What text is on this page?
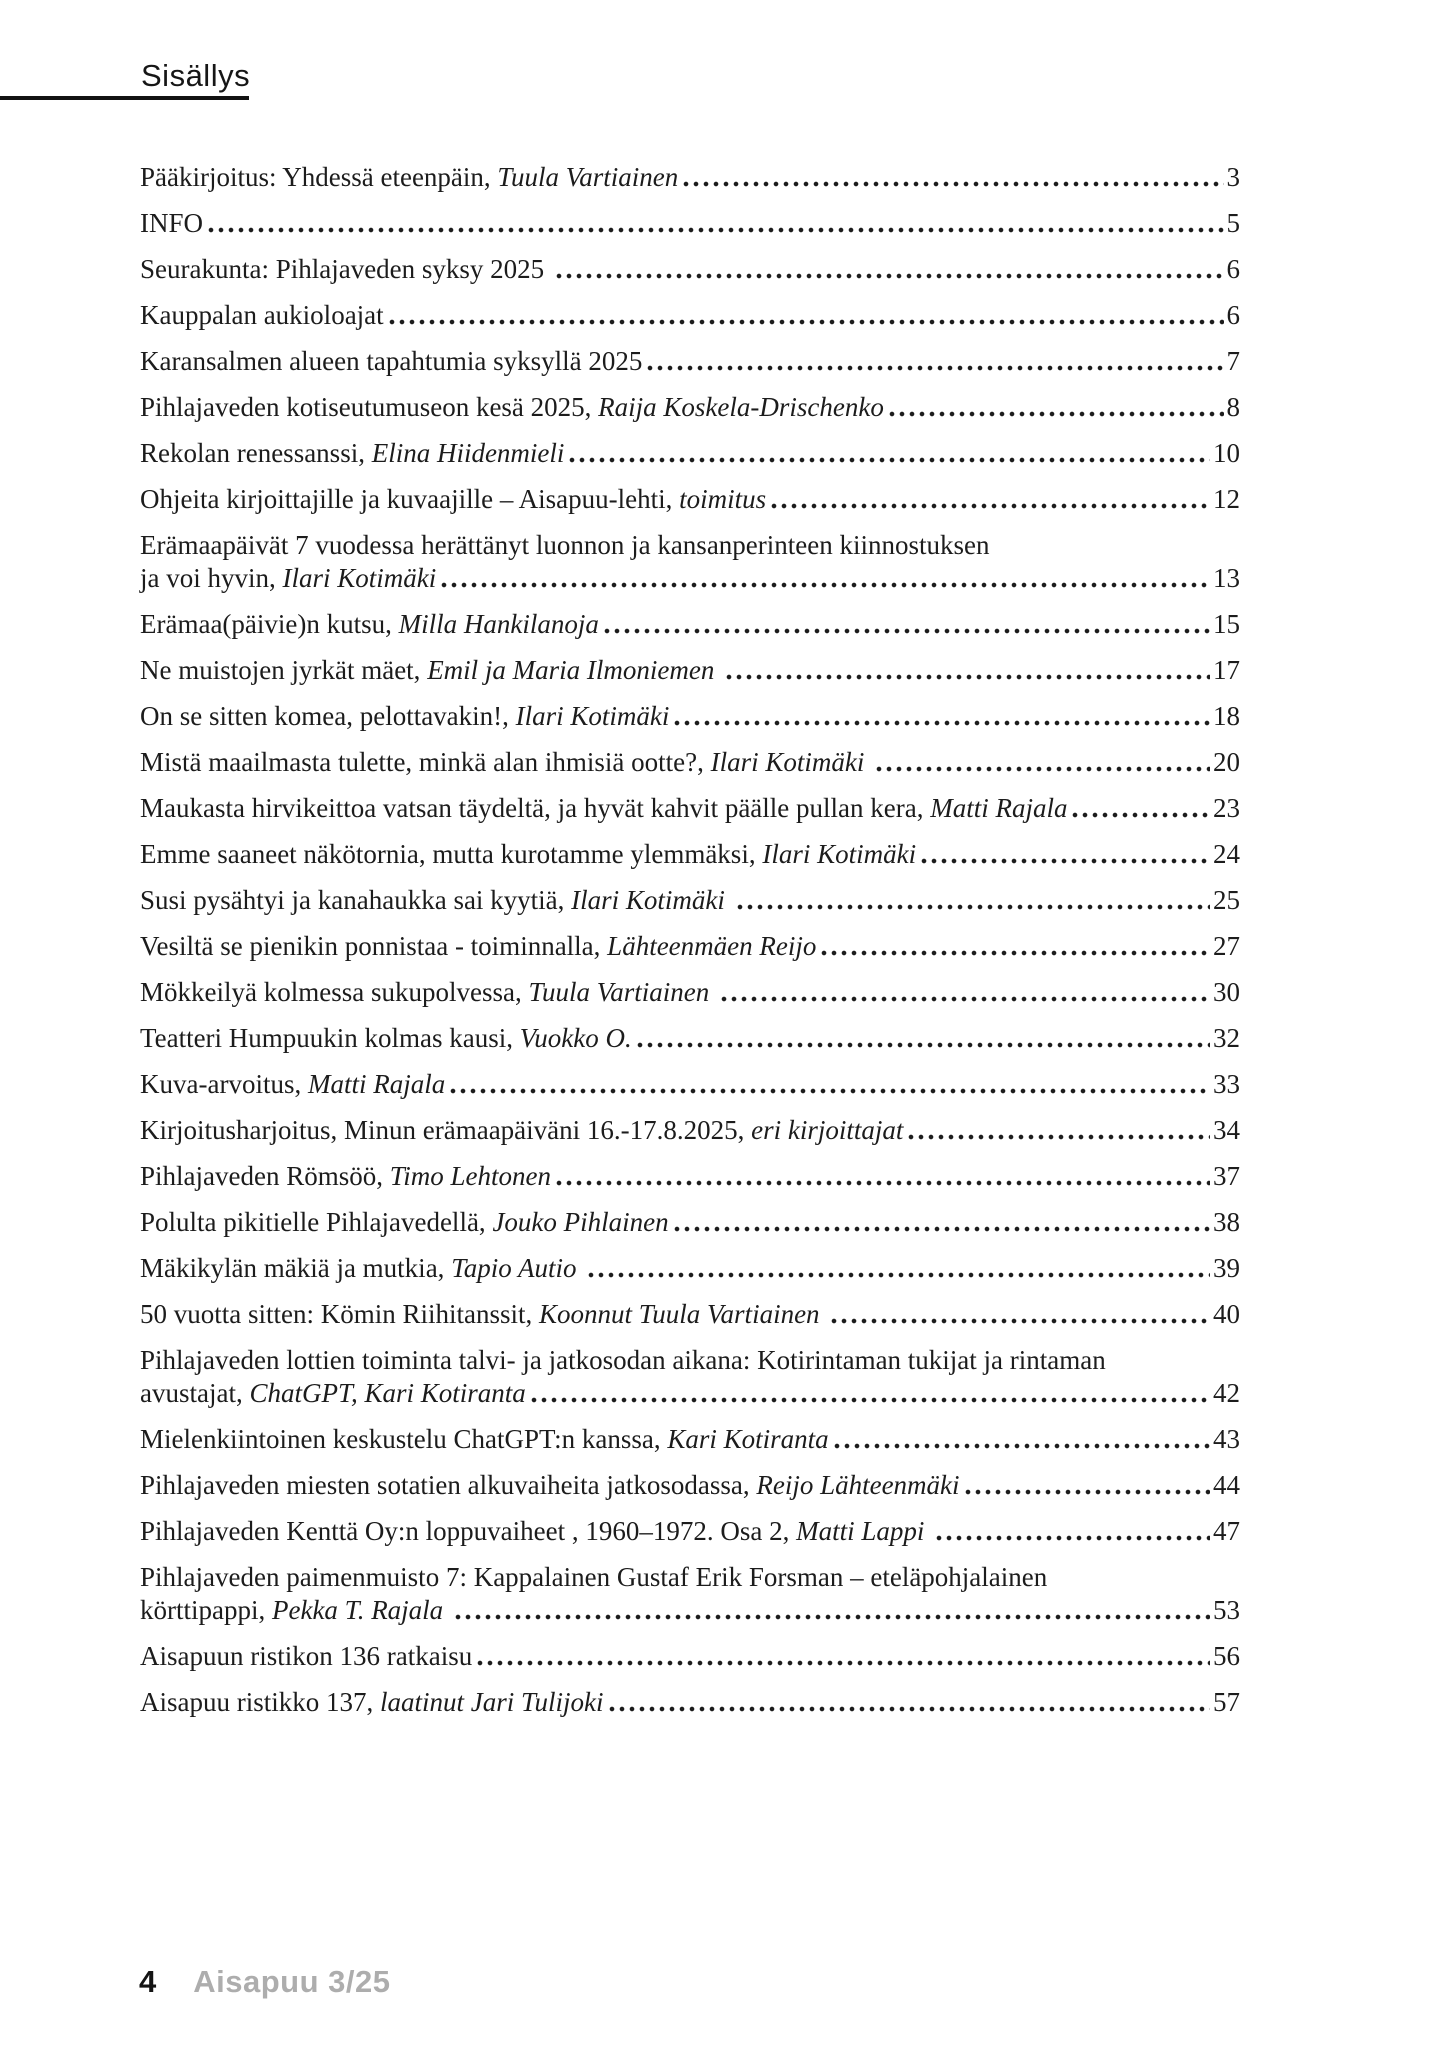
Sisällys
Pääkirjoitus: Yhdessä eteenpäin, Tuula Vartiainen	3
INFO	5
Seurakunta: Pihlajaveden syksy 2025	6
Kauppalan aukioloajat	6
Karansalmen alueen tapahtumia syksyllä 2025	7
Pihlajaveden kotiseutumuseon kesä 2025, Raija Koskela-Drischenko	8
Rekolan renessanssi, Elina Hiidenmieli	10
Ohjeita kirjoittajille ja kuvaajille – Aisapuu-lehti, toimitus	12
Erämaapäivät 7 vuodessa herättänyt luonnon ja kansanperinteen kiinnostuksen
ja voi hyvin, Ilari Kotimäki	13
Erämaa(päivie)n kutsu, Milla Hankilanoja	15
Ne muistojen jyrkät mäet, Emil ja Maria Ilmoniemen	17
On se sitten komea, pelottavakin!, Ilari Kotimäki	18
Mistä maailmasta tulette, minkä alan ihmisiä ootte?, Ilari Kotimäki	20
Maukasta hirvikeittoa vatsan täydeltä, ja hyvät kahvit päälle pullan kera, Matti Rajala	23
Emme saaneet näkötornia, mutta kurotamme ylemmäksi, Ilari Kotimäki	24
Susi pysähtyi ja kanahaukka sai kyytiä, Ilari Kotimäki	25
Vesiltä se pienikin ponnistaa - toiminnalla, Lähteenmäen Reijo	27
Mökkeilyä kolmessa sukupolvessa, Tuula Vartiainen	30
Teatteri Humpuukin kolmas kausi, Vuokko O.	32
Kuva-arvoitus, Matti Rajala	33
Kirjoitusharjoitus, Minun erämaapäiväni 16.-17.8.2025, eri kirjoittajat	34
Pihlajaveden Römsöö, Timo Lehtonen	37
Polulta pikitielle Pihlajavedellä, Jouko Pihlainen	38
Mäkikylän mäkiä ja mutkia, Tapio Autio	39
50 vuotta sitten: Kömin Riihitanssit, Koonnut Tuula Vartiainen	40
Pihlajaveden lottien toiminta talvi- ja jatkosodan aikana: Kotirintaman tukijat ja rintaman
avustajat, ChatGPT, Kari Kotiranta	42
Mielenkiintoinen keskustelu ChatGPT:n kanssa, Kari Kotiranta	43
Pihlajaveden miesten sotatien alkuvaiheita jatkosodassa, Reijo Lähteenmäki	44
Pihlajaveden Kenttä Oy:n loppuvaiheet , 1960–1972. Osa 2, Matti Lappi	47
Pihlajaveden paimenmuisto 7: Kappalainen Gustaf Erik Forsman – eteläpohjalainen
körttipappi, Pekka T. Rajala	53
Aisapuun ristikon 136 ratkaisu	56
Aisapuu ristikko 137, laatinut Jari Tulijoki	57
4 Aisapuu 3/25
